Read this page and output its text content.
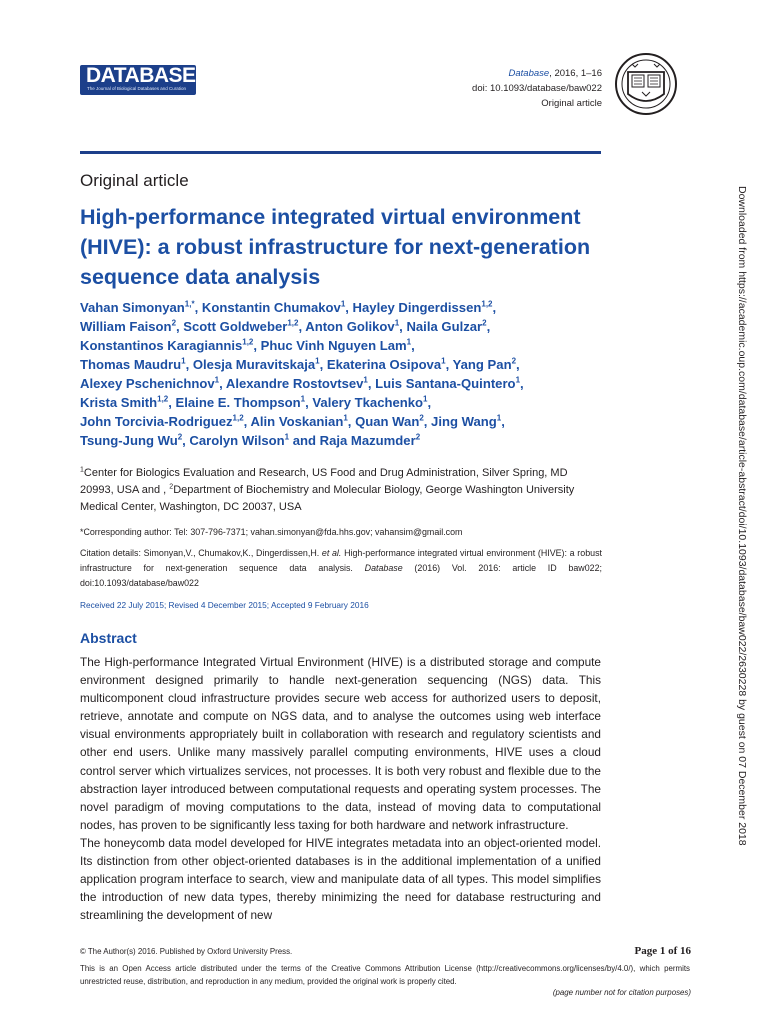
DATABASE
The Journal of Biological Databases and Curation
Database, 2016, 1–16
doi: 10.1093/database/baw022
Original article
Original article
High-performance integrated virtual environment (HIVE): a robust infrastructure for next-generation sequence data analysis
Vahan Simonyan$^{1,*}$, Konstantin Chumakov$^1$, Hayley Dingerdissen$^{1,2}$,
William Faison$^2$, Scott Goldweber$^{1,2}$, Anton Golikov$^1$, Naila Gulzar$^2$,
Konstantinos Karagiannis$^{1,2}$, Phuc Vinh Nguyen Lam$^1$,
Thomas Maudru$^1$, Olesja Muravitskaja$^1$, Ekaterina Osipova$^1$, Yang Pan$^2$,
Alexey Pschenichnov$^1$, Alexandre Rostovtsev$^1$, Luis Santana-Quintero$^1$,
Krista Smith$^{1,2}$, Elaine E. Thompson$^1$, Valery Tkachenko$^1$,
John Torcivia-Rodriguez$^{1,2}$, Alin Voskanian$^1$, Quan Wan$^2$, Jing Wang$^1$,
Tsung-Jung Wu$^2$, Carolyn Wilson$^1$ and Raja Mazumder$^2$
$^1$Center for Biologics Evaluation and Research, US Food and Drug Administration, Silver Spring, MD 20993, USA and , $^2$Department of Biochemistry and Molecular Biology, George Washington University Medical Center, Washington, DC 20037, USA
*Corresponding author: Tel: 307-796-7371; vahan.simonyan@fda.hhs.gov; vahansim@gmail.com
Citation details: Simonyan,V., Chumakov,K., Dingerdissen,H. et al. High-performance integrated virtual environment (HIVE): a robust infrastructure for next-generation sequence data analysis. Database (2016) Vol. 2016: article ID baw022; doi:10.1093/database/baw022
Received 22 July 2015; Revised 4 December 2015; Accepted 9 February 2016
Abstract

The High-performance Integrated Virtual Environment (HIVE) is a distributed storage and compute environment designed primarily to handle next-generation sequencing (NGS) data. This multicomponent cloud infrastructure provides secure web access for authorized users to deposit, retrieve, annotate and compute on NGS data, and to analyse the outcomes using web interface visual environments appropriately built in collaboration with research and regulatory scientists and other end users. Unlike many massively parallel computing environments, HIVE uses a cloud control server which virtualizes services, not processes. It is both very robust and flexible due to the abstraction layer introduced between computational requests and operating system processes. The novel paradigm of moving computations to the data, instead of moving data to computational nodes, has proven to be significantly less taxing for both hardware and network infrastructure.

The honeycomb data model developed for HIVE integrates metadata into an object-oriented model. Its distinction from other object-oriented databases is in the additional implementation of a unified application program interface to search, view and manipulate data of all types. This model simplifies the introduction of new data types, thereby minimizing the need for database restructuring and streamlining the development of new

© The Author(s) 2016. Published by Oxford University Press.	Page 1 of 16
This is an Open Access article distributed under the terms of the Creative Commons Attribution License (http://creativecommons.org/licenses/by/4.0/), which permits unrestricted reuse, distribution, and reproduction in any medium, provided the original work is properly cited.
(page number not for citation purposes)
Downloaded from https://academic.oup.com/database/article-abstract/doi/10.1093/database/baw022/2630228 by guest on 07 December 2018
